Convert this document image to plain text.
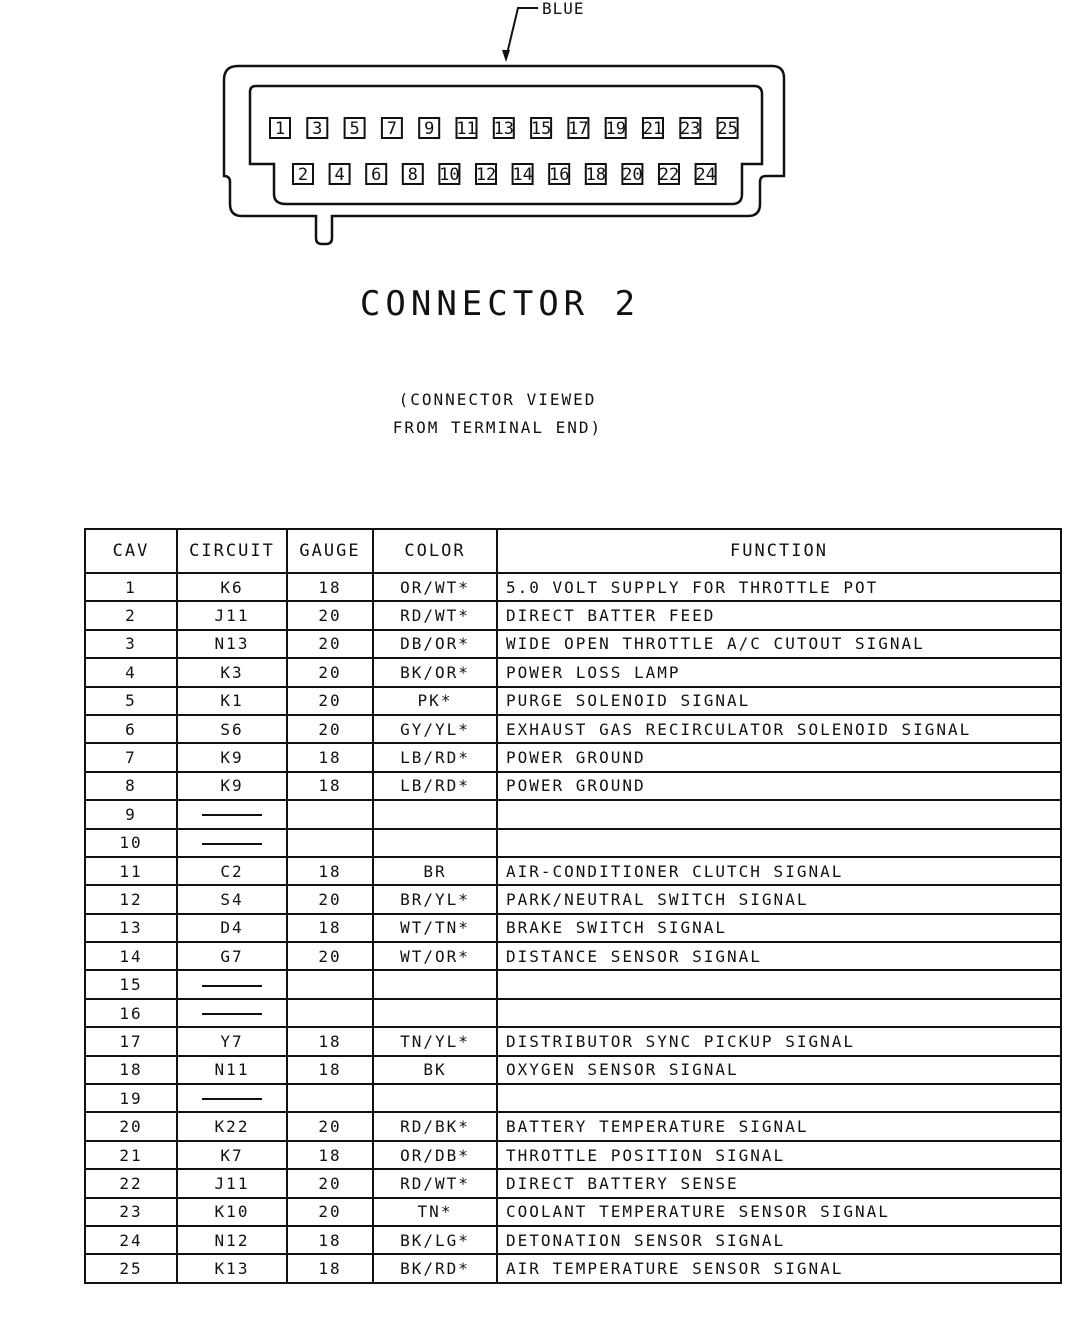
BLUE
1 3 5 7 9 11 13 15 17 19 21 23 25
2 4 6 8 10 12 14 16 18 20 22 24
CONNECTOR 2
(CONNECTOR VIEWED
FROM TERMINAL END)
CAV	CIRCUIT	GAUGE	COLOR	FUNCTION
1	K6	18	OR/WT*	5.0 VOLT SUPPLY FOR THROTTLE POT
2	J11	20	RD/WT*	DIRECT BATTER FEED
3	N13	20	DB/OR*	WIDE OPEN THROTTLE A/C CUTOUT SIGNAL
4	K3	20	BK/OR*	POWER LOSS LAMP
5	K1	20	PK*	PURGE SOLENOID SIGNAL
6	S6	20	GY/YL*	EXHAUST GAS RECIRCULATOR SOLENOID SIGNAL
7	K9	18	LB/RD*	POWER GROUND
8	K9	18	LB/RD*	POWER GROUND
9				
10				
11	C2	18	BR	AIR-CONDITIONER CLUTCH SIGNAL
12	S4	20	BR/YL*	PARK/NEUTRAL SWITCH SIGNAL
13	D4	18	WT/TN*	BRAKE SWITCH SIGNAL
14	G7	20	WT/OR*	DISTANCE SENSOR SIGNAL
15				
16				
17	Y7	18	TN/YL*	DISTRIBUTOR SYNC PICKUP SIGNAL
18	N11	18	BK	OXYGEN SENSOR SIGNAL
19				
20	K22	20	RD/BK*	BATTERY TEMPERATURE SIGNAL
21	K7	18	OR/DB*	THROTTLE POSITION SIGNAL
22	J11	20	RD/WT*	DIRECT BATTERY SENSE
23	K10	20	TN*	COOLANT TEMPERATURE SENSOR SIGNAL
24	N12	18	BK/LG*	DETONATION SENSOR SIGNAL
25	K13	18	BK/RD*	AIR TEMPERATURE SENSOR SIGNAL
